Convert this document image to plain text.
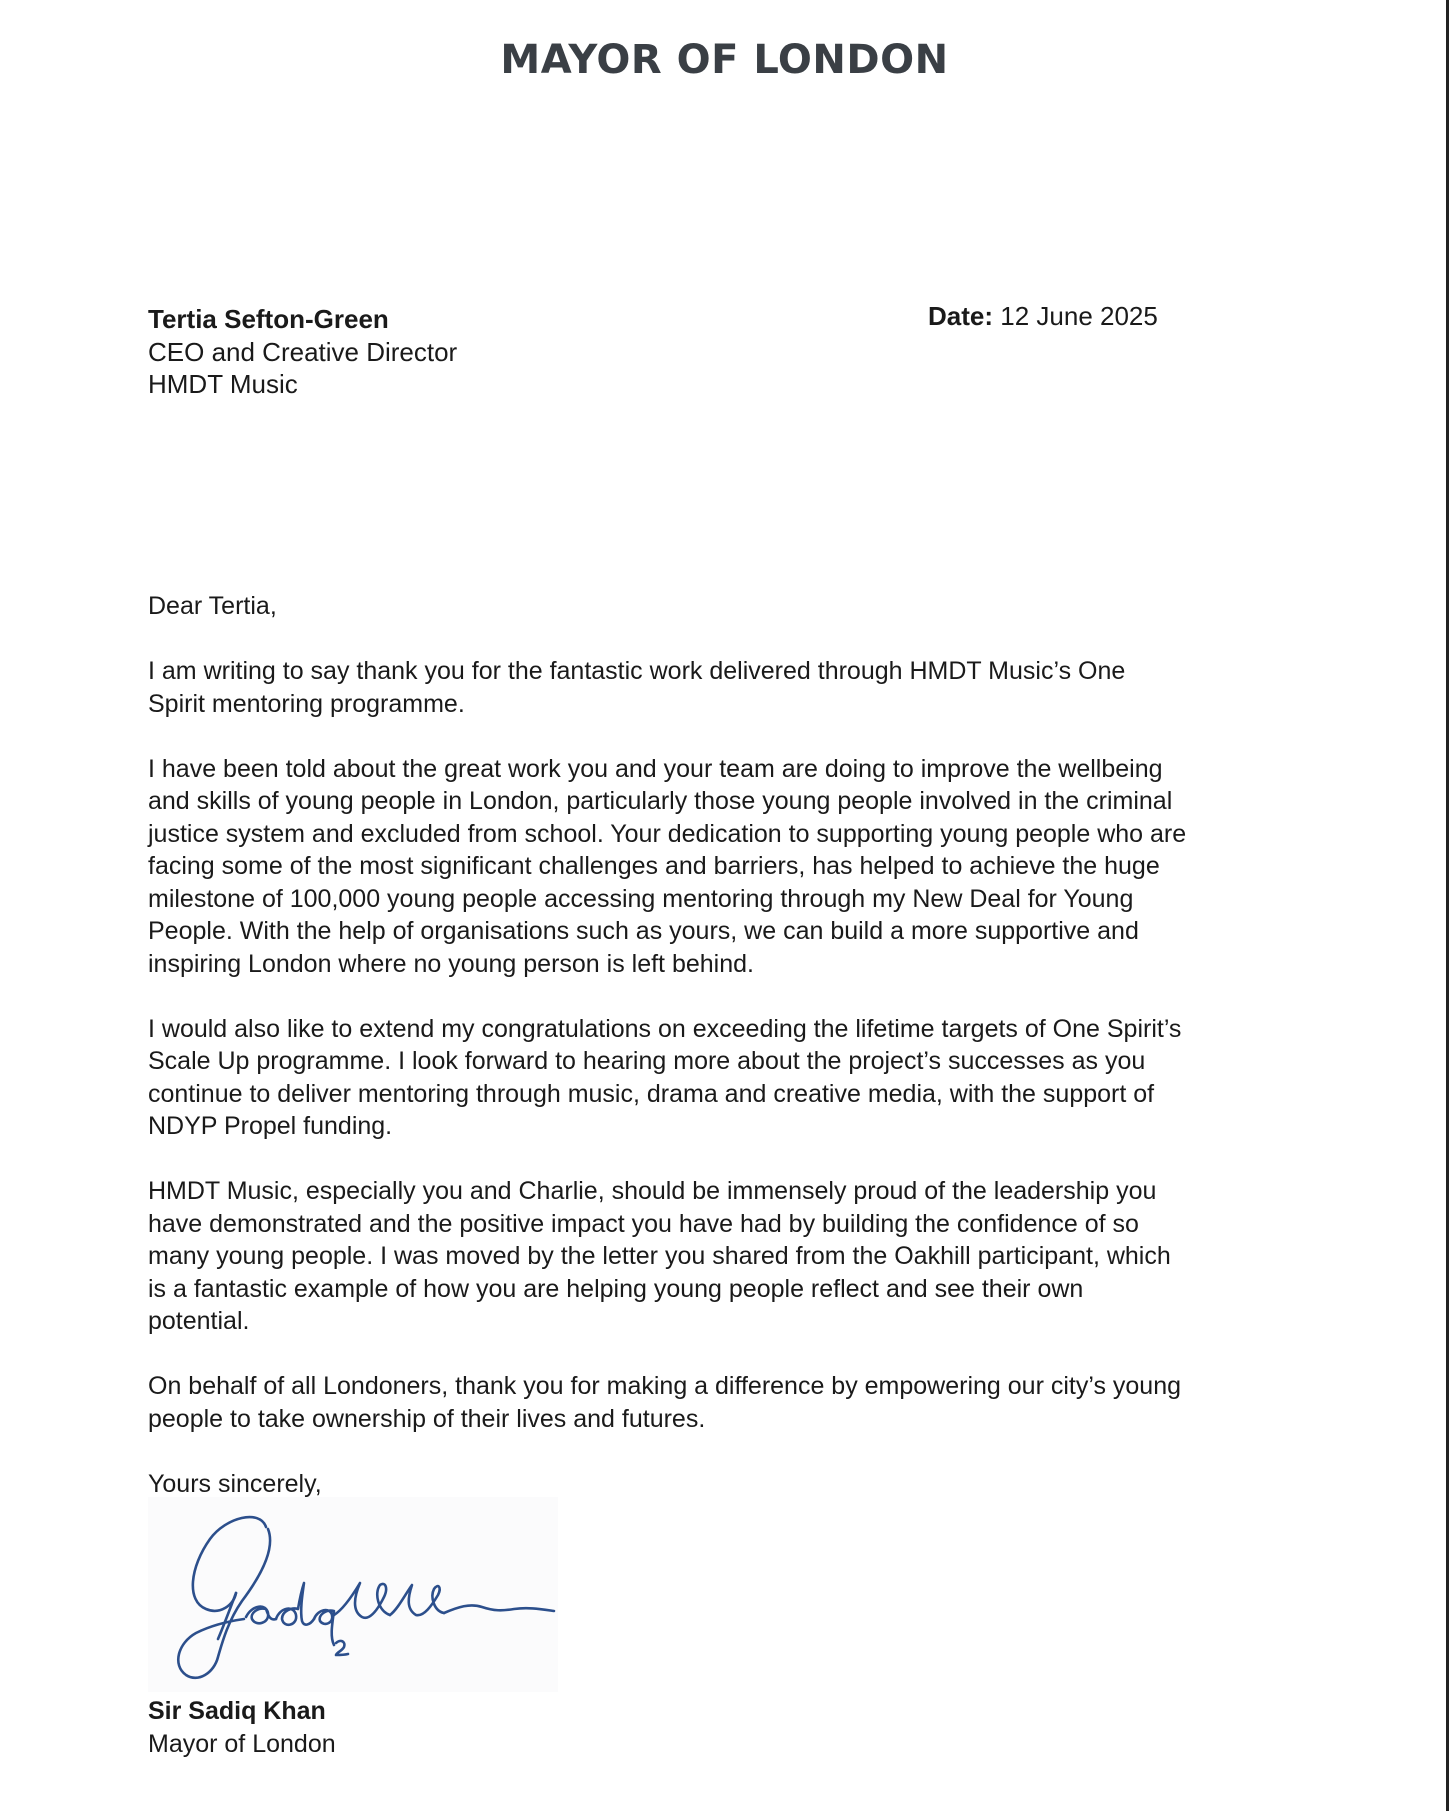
MAYOR OF LONDON
Tertia Sefton-Green
CEO and Creative Director
HMDT Music
Date: 12 June 2025

Dear Tertia,

I am writing to say thank you for the fantastic work delivered through HMDT Music’s One Spirit mentoring programme.

I have been told about the great work you and your team are doing to improve the wellbeing and skills of young people in London, particularly those young people involved in the criminal justice system and excluded from school. Your dedication to supporting young people who are facing some of the most significant challenges and barriers, has helped to achieve the huge milestone of 100,000 young people accessing mentoring through my New Deal for Young People. With the help of organisations such as yours, we can build a more supportive and inspiring London where no young person is left behind.

I would also like to extend my congratulations on exceeding the lifetime targets of One Spirit’s Scale Up programme. I look forward to hearing more about the project’s successes as you continue to deliver mentoring through music, drama and creative media, with the support of NDYP Propel funding.

HMDT Music, especially you and Charlie, should be immensely proud of the leadership you have demonstrated and the positive impact you have had by building the confidence of so many young people. I was moved by the letter you shared from the Oakhill participant, which is a fantastic example of how you are helping young people reflect and see their own potential.

On behalf of all Londoners, thank you for making a difference by empowering our city’s young people to take ownership of their lives and futures.

Yours sincerely,

Sir Sadiq Khan
Mayor of London
